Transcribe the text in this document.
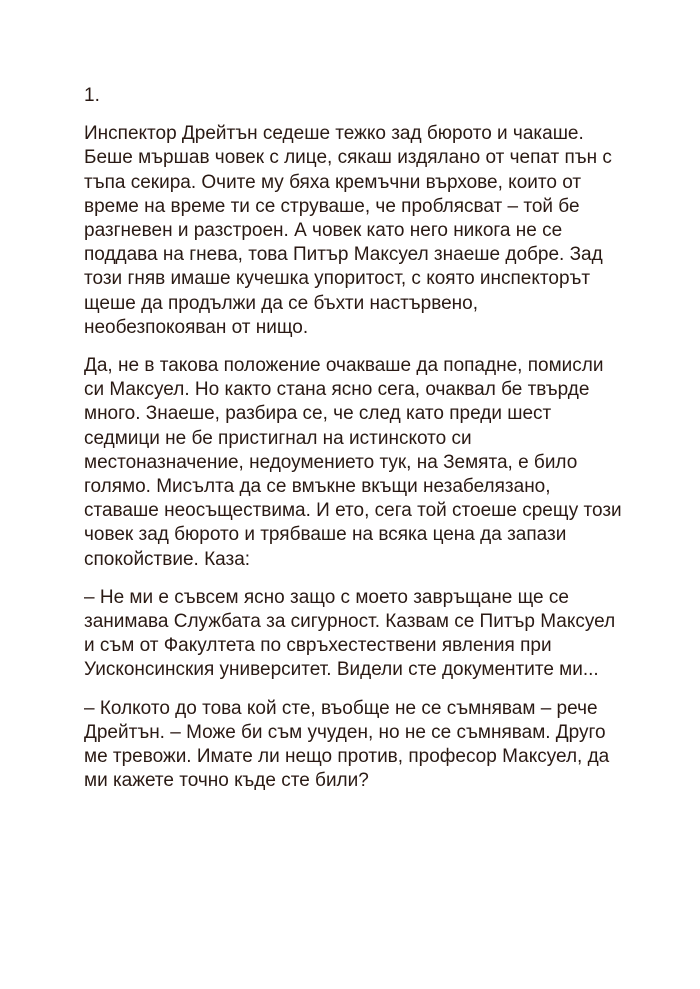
1.
Инспектор Дрейтън седеше тежко зад бюрото и чакаше. Беше мършав човек с лице, сякаш издялано от чепат пън с тъпа секира. Очите му бяха кремъчни върхове, които от време на време ти се струваше, че проблясват – той бе разгневен и разстроен. А човек като него никога не се поддава на гнева, това Питър Максуел знаеше добре. Зад този гняв имаше кучешка упоритост, с която инспекторът щеше да продължи да се бъхти настървено, необезпокояван от нищо.
Да, не в такова положение очакваше да попадне, помисли си Максуел. Но както стана ясно сега, очаквал бе твърде много. Знаеше, разбира се, че след като преди шест седмици не бе пристигнал на истинското си местоназначение, недоумението тук, на Земята, е било голямо. Мисълта да се вмъкне вкъщи незабелязано, ставаше неосъществима. И ето, сега той стоеше срещу този човек зад бюрото и трябваше на всяка цена да запази спокойствие. Каза:
– Не ми е съвсем ясно защо с моето завръщане ще се занимава Службата за сигурност. Казвам се Питър Максуел и съм от Факултета по свръхестествени явления при Уисконсинския университет. Видели сте документите ми...
– Колкото до това кой сте, въобще не се съмнявам – рече Дрейтън. – Може би съм учуден, но не се съмнявам. Друго ме тревожи. Имате ли нещо против, професор Максуел, да ми кажете точно къде сте били?
